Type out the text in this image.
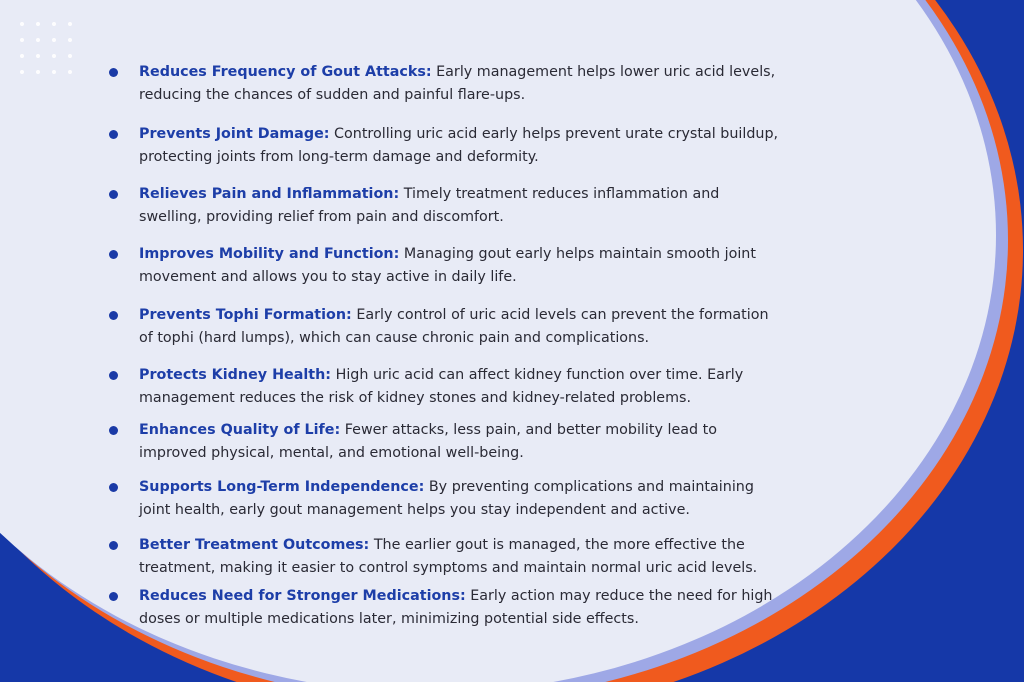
Reduces Frequency of Gout Attacks: Early management helps lower uric acid levels, reducing the chances of sudden and painful flare-ups.
Prevents Joint Damage: Controlling uric acid early helps prevent urate crystal buildup, protecting joints from long-term damage and deformity.
Relieves Pain and Inflammation: Timely treatment reduces inflammation and swelling, providing relief from pain and discomfort.
Improves Mobility and Function: Managing gout early helps maintain smooth joint movement and allows you to stay active in daily life.
Prevents Tophi Formation: Early control of uric acid levels can prevent the formation of tophi (hard lumps), which can cause chronic pain and complications.
Protects Kidney Health: High uric acid can affect kidney function over time. Early management reduces the risk of kidney stones and kidney-related problems.
Enhances Quality of Life: Fewer attacks, less pain, and better mobility lead to improved physical, mental, and emotional well-being.
Supports Long-Term Independence: By preventing complications and maintaining joint health, early gout management helps you stay independent and active.
Better Treatment Outcomes: The earlier gout is managed, the more effective the treatment, making it easier to control symptoms and maintain normal uric acid levels.
Reduces Need for Stronger Medications: Early action may reduce the need for high doses or multiple medications later, minimizing potential side effects.
